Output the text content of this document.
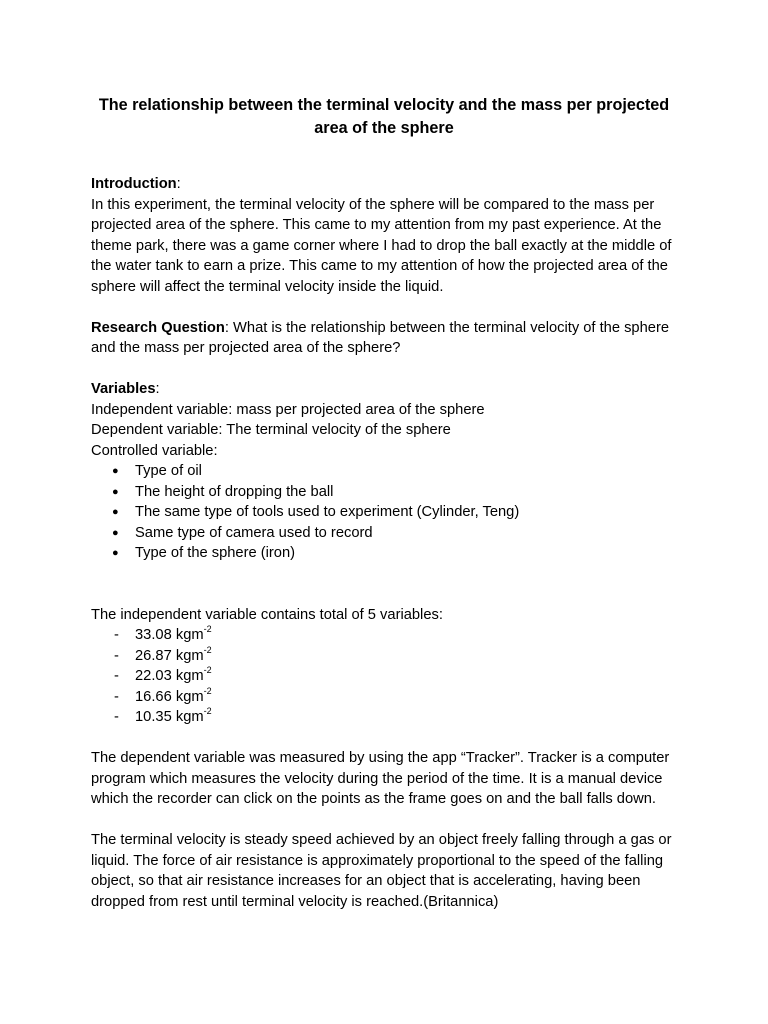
The relationship between the terminal velocity and the mass per projected area of the sphere

Introduction:

In this experiment, the terminal velocity of the sphere will be compared to the mass per projected area of the sphere. This came to my attention from my past experience. At the theme park, there was a game corner where I had to drop the ball exactly at the middle of the water tank to earn a prize. This came to my attention of how the projected area of the sphere will affect the terminal velocity inside the liquid.

Research Question: What is the relationship between the terminal velocity of the sphere and the mass per projected area of the sphere?

Variables:

Independent variable: mass per projected area of the sphere

Dependent variable: The terminal velocity of the sphere

Controlled variable:

● Type of oil
● The height of dropping the ball
● The same type of tools used to experiment (Cylinder, Teng)
● Same type of camera used to record
● Type of the sphere (iron)

The independent variable contains total of 5 variables:

- 33.08 kgm$^{-2}$
- 26.87 kgm$^{-2}$
- 22.03 kgm$^{-2}$
- 16.66 kgm$^{-2}$
- 10.35 kgm$^{-2}$

The dependent variable was measured by using the app “Tracker”. Tracker is a computer program which measures the velocity during the period of the time. It is a manual device which the recorder can click on the points as the frame goes on and the ball falls down.

The terminal velocity is steady speed achieved by an object freely falling through a gas or liquid. The force of air resistance is approximately proportional to the speed of the falling object, so that air resistance increases for an object that is accelerating, having been dropped from rest until terminal velocity is reached.(Britannica)
